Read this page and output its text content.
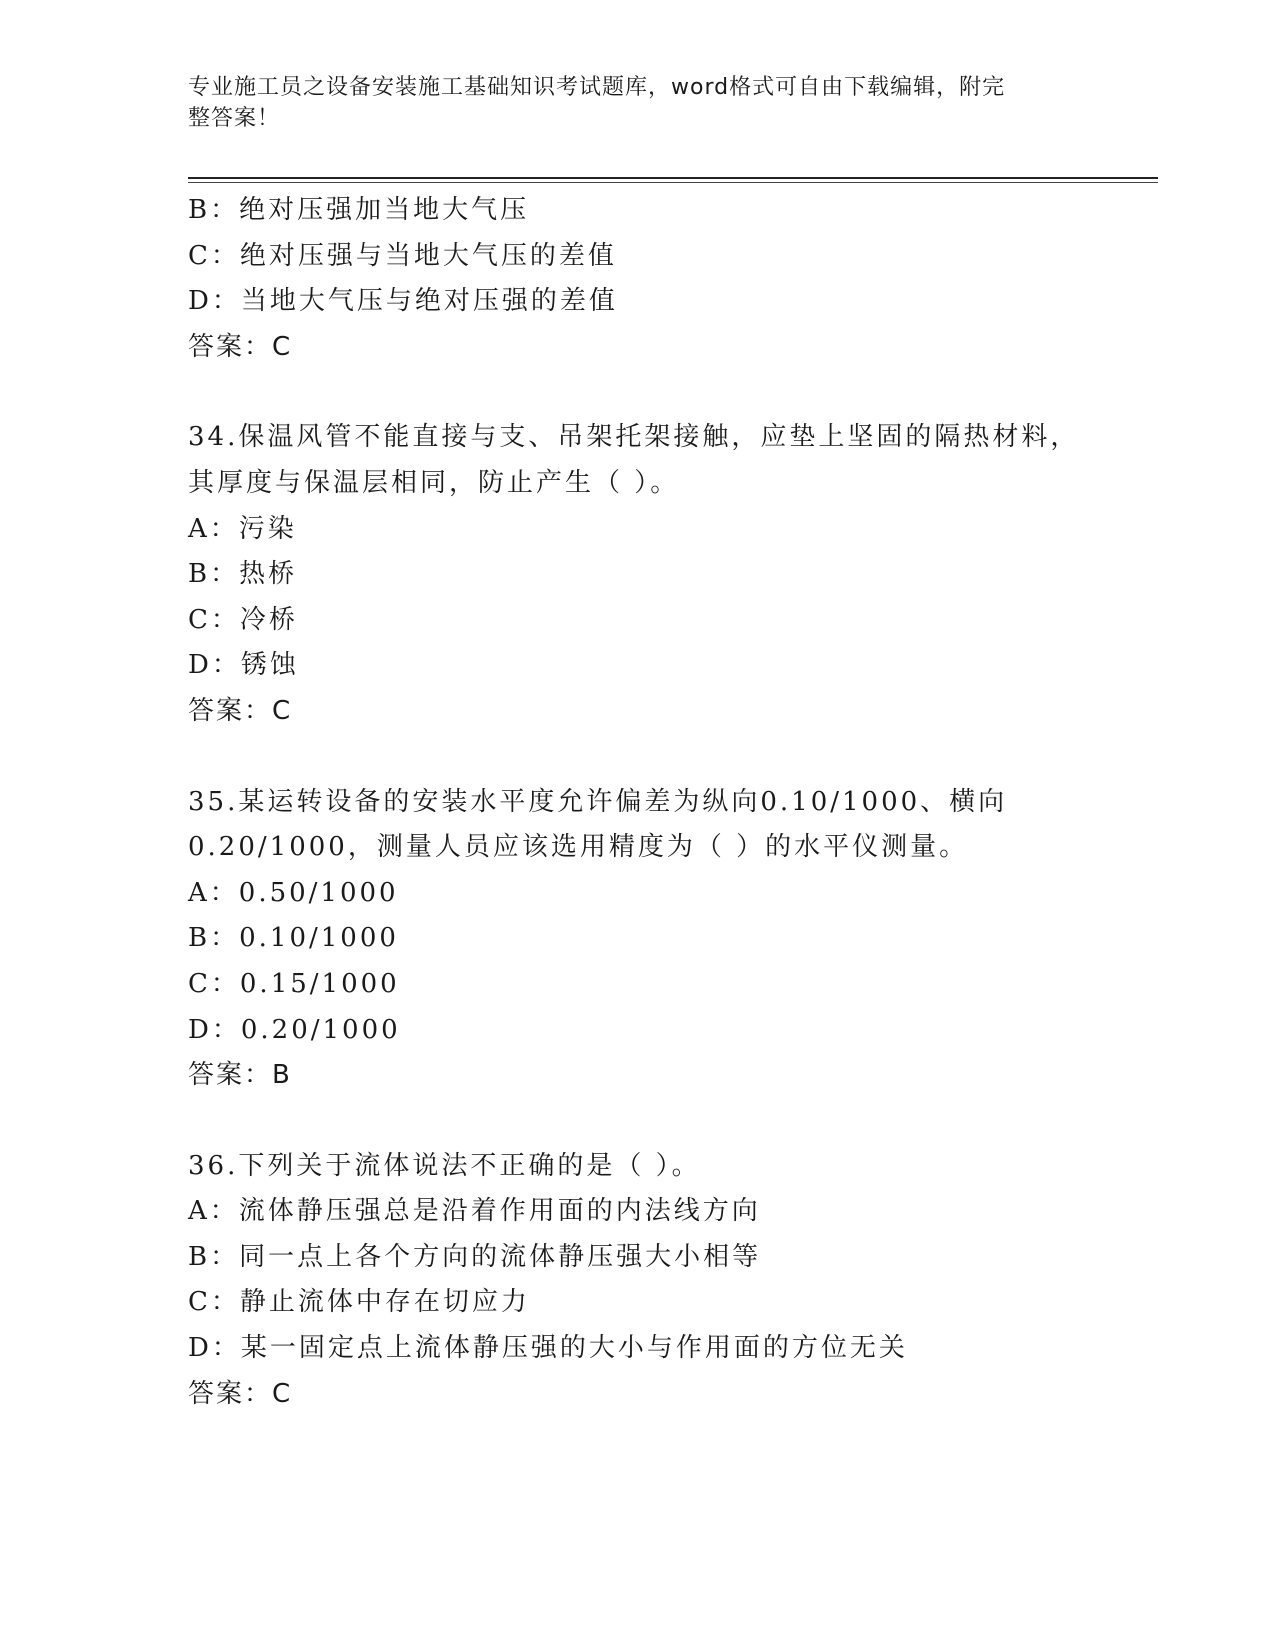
专业施工员之设备安装施工基础知识考试题库，word格式可自由下载编辑，附完
整答案！
B：绝对压强加当地大气压
C：绝对压强与当地大气压的差值
D：当地大气压与绝对压强的差值
答案：C
34.保温风管不能直接与支、吊架托架接触，应垫上坚固的隔热材料，
其厚度与保温层相同，防止产生（ ）。
A：污染
B：热桥
C：冷桥
D：锈蚀
答案：C
35.某运转设备的安装水平度允许偏差为纵向0.10/1000、横向
0.20/1000，测量人员应该选用精度为（ ）的水平仪测量。
A：0.50/1000
B：0.10/1000
C：0.15/1000
D：0.20/1000
答案：B
36.下列关于流体说法不正确的是（ ）。
A：流体静压强总是沿着作用面的内法线方向
B：同一点上各个方向的流体静压强大小相等
C：静止流体中存在切应力
D：某一固定点上流体静压强的大小与作用面的方位无关
答案：C
